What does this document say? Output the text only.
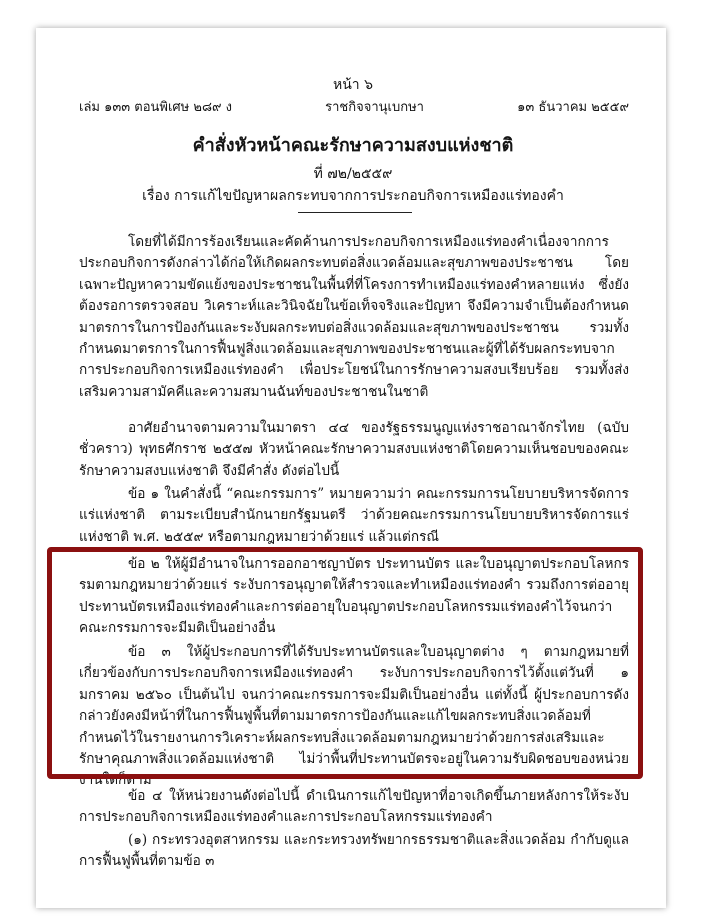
หน้า ๖
เล่ม ๑๓๓ ตอนพิเศษ ๒๘๙ ง	ราชกิจจานุเบกษา	๑๓ ธันวาคม ๒๕๕๙
คำสั่งหัวหน้าคณะรักษาความสงบแห่งชาติ
ที่ ๗๒/๒๕๕๙
เรื่อง การแก้ไขปัญหาผลกระทบจากการประกอบกิจการเหมืองแร่ทองคำ

โดยที่ได้มีการร้องเรียนและคัดค้านการประกอบกิจการเหมืองแร่ทองคำเนื่องจากการประกอบกิจการดังกล่าวได้ก่อให้เกิดผลกระทบต่อสิ่งแวดล้อมและสุขภาพของประชาชน โดยเฉพาะปัญหาความขัดแย้งของประชาชนในพื้นที่ที่โครงการทำเหมืองแร่ทองคำหลายแห่ง ซึ่งยังต้องรอการตรวจสอบ วิเคราะห์และวินิจฉัยในข้อเท็จจริงและปัญหา จึงมีความจำเป็นต้องกำหนดมาตรการในการป้องกันและระงับผลกระทบต่อสิ่งแวดล้อมและสุขภาพของประชาชน รวมทั้งกำหนดมาตรการในการฟื้นฟูสิ่งแวดล้อมและสุขภาพของประชาชนและผู้ที่ได้รับผลกระทบจากการประกอบกิจการเหมืองแร่ทองคำ เพื่อประโยชน์ในการรักษาความสงบเรียบร้อย รวมทั้งส่งเสริมความสามัคคีและความสมานฉันท์ของประชาชนในชาติ

อาศัยอำนาจตามความในมาตรา ๔๔ ของรัฐธรรมนูญแห่งราชอาณาจักรไทย (ฉบับชั่วคราว) พุทธศักราช ๒๕๕๗ หัวหน้าคณะรักษาความสงบแห่งชาติโดยความเห็นชอบของคณะรักษาความสงบแห่งชาติ จึงมีคำสั่ง ดังต่อไปนี้

ข้อ ๑ ในคำสั่งนี้ “คณะกรรมการ” หมายความว่า คณะกรรมการนโยบายบริหารจัดการแร่แห่งชาติ ตามระเบียบสำนักนายกรัฐมนตรี ว่าด้วยคณะกรรมการนโยบายบริหารจัดการแร่แห่งชาติ พ.ศ. ๒๕๕๙ หรือตามกฎหมายว่าด้วยแร่ แล้วแต่กรณี

ข้อ ๒ ให้ผู้มีอำนาจในการออกอาชญาบัตร ประทานบัตร และใบอนุญาตประกอบโลหกรรมตามกฎหมายว่าด้วยแร่ ระงับการอนุญาตให้สำรวจและทำเหมืองแร่ทองคำ รวมถึงการต่ออายุประทานบัตรเหมืองแร่ทองคำและการต่ออายุใบอนุญาตประกอบโลหกรรมแร่ทองคำไว้จนกว่าคณะกรรมการจะมีมติเป็นอย่างอื่น

ข้อ ๓ ให้ผู้ประกอบการที่ได้รับประทานบัตรและใบอนุญาตต่าง ๆ ตามกฎหมายที่เกี่ยวข้องกับการประกอบกิจการเหมืองแร่ทองคำ ระงับการประกอบกิจการไว้ตั้งแต่วันที่ ๑ มกราคม ๒๕๖๐ เป็นต้นไป จนกว่าคณะกรรมการจะมีมติเป็นอย่างอื่น แต่ทั้งนี้ ผู้ประกอบการดังกล่าวยังคงมีหน้าที่ในการฟื้นฟูพื้นที่ตามมาตรการป้องกันและแก้ไขผลกระทบสิ่งแวดล้อมที่กำหนดไว้ในรายงานการวิเคราะห์ผลกระทบสิ่งแวดล้อมตามกฎหมายว่าด้วยการส่งเสริมและรักษาคุณภาพสิ่งแวดล้อมแห่งชาติ ไม่ว่าพื้นที่ประทานบัตรจะอยู่ในความรับผิดชอบของหน่วยงานใดก็ตาม

ข้อ ๔ ให้หน่วยงานดังต่อไปนี้ ดำเนินการแก้ไขปัญหาที่อาจเกิดขึ้นภายหลังการให้ระงับการประกอบกิจการเหมืองแร่ทองคำและการประกอบโลหกรรมแร่ทองคำ

(๑) กระทรวงอุตสาหกรรม และกระทรวงทรัพยากรธรรมชาติและสิ่งแวดล้อม กำกับดูแลการฟื้นฟูพื้นที่ตามข้อ ๓
